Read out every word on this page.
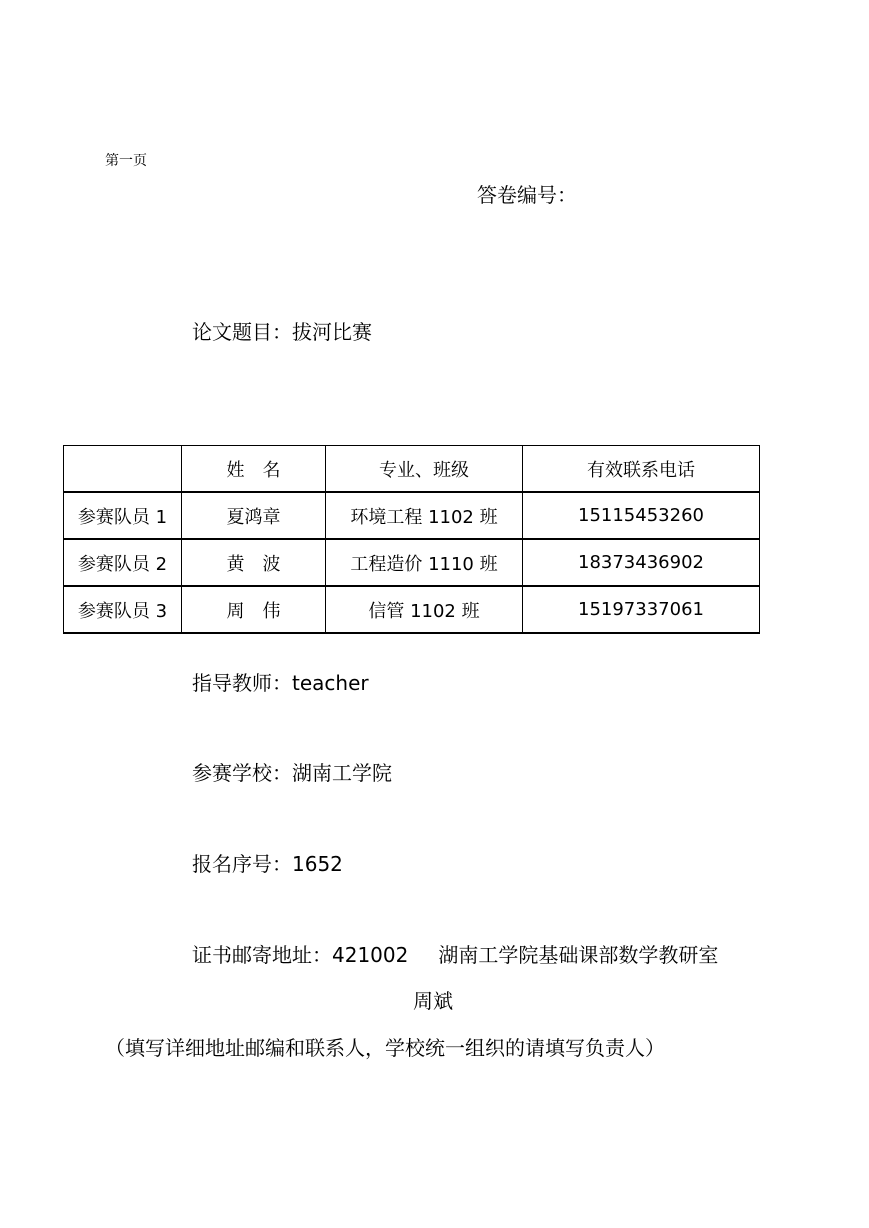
第一页
答卷编号：
论文题目：拔河比赛
	姓　名	专业、班级	有效联系电话
参赛队员 1	夏鸿章	环境工程 1102 班	15115453260
参赛队员 2	黄　波	工程造价 1110 班	18373436902
参赛队员 3	周　伟	信管 1102 班	15197337061
指导教师：teacher
参赛学校：湖南工学院
报名序号：1652
证书邮寄地址：421002 湖南工学院基础课部数学教研室
周斌
（填写详细地址邮编和联系人，学校统一组织的请填写负责人）
